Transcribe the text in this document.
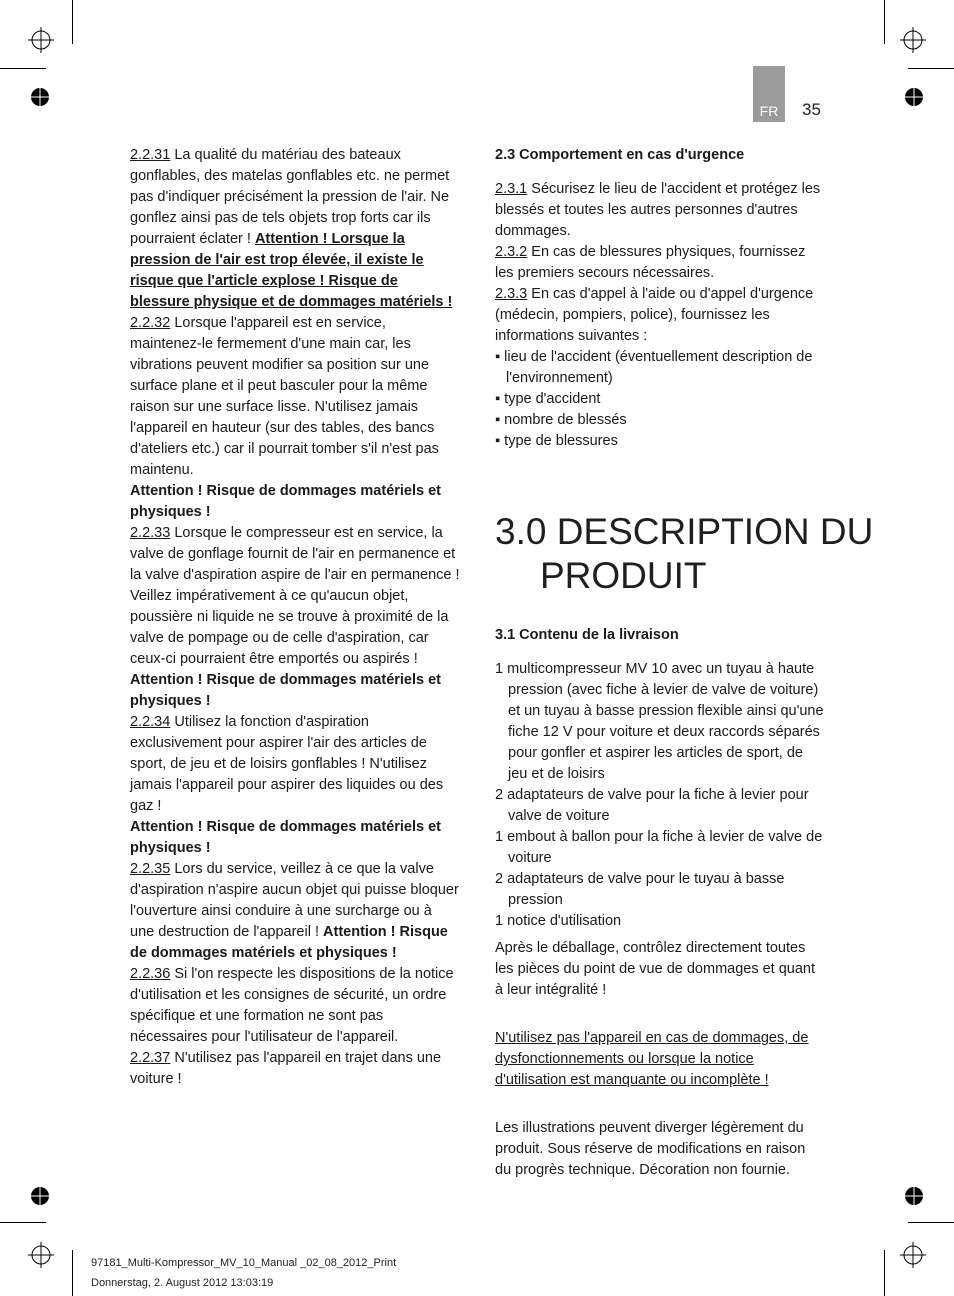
FR	35

2.2.31 La qualité du matériau des bateaux gonflables, des matelas gonflables etc. ne permet pas d'indiquer précisément la pression de l'air. Ne gonflez ainsi pas de tels objets trop forts car ils pourraient éclater ! Attention ! Lorsque la pression de l'air est trop élevée, il existe le risque que l'article explose ! Risque de blessure physique et de dommages matériels !

2.2.32 Lorsque l'appareil est en service, maintenez-le fermement d'une main car, les vibrations peuvent modifier sa position sur une surface plane et il peut basculer pour la même raison sur une surface lisse. N'utilisez jamais l'appareil en hauteur (sur des tables, des bancs d'ateliers etc.) car il pourrait tomber s'il n'est pas maintenu.

Attention ! Risque de dommages matériels et physiques !

2.2.33 Lorsque le compresseur est en service, la valve de gonflage fournit de l'air en permanence et la valve d'aspiration aspire de l'air en permanence ! Veillez impérativement à ce qu'aucun objet, poussière ni liquide ne se trouve à proximité de la valve de pompage ou de celle d'aspiration, car ceux-ci pourraient être emportés ou aspirés !

Attention ! Risque de dommages matériels et physiques !

2.2.34 Utilisez la fonction d'aspiration exclusivement pour aspirer l'air des articles de sport, de jeu et de loisirs gonflables ! N'utilisez jamais l'appareil pour aspirer des liquides ou des gaz !

Attention ! Risque de dommages matériels et physiques !

2.2.35 Lors du service, veillez à ce que la valve d'aspiration n'aspire aucun objet qui puisse bloquer l'ouverture ainsi conduire à une surcharge ou à une destruction de l'appareil ! Attention ! Risque de dommages matériels et physiques !

2.2.36 Si l'on respecte les dispositions de la notice d'utilisation et les consignes de sécurité, un ordre spécifique et une formation ne sont pas nécessaires pour l'utilisateur de l'appareil.

2.2.37 N'utilisez pas l'appareil en trajet dans une voiture !

2.3 Comportement en cas d'urgence

2.3.1 Sécurisez le lieu de l'accident et protégez les blessés et toutes les autres personnes d'autres dommages.

2.3.2 En cas de blessures physiques, fournissez les premiers secours nécessaires.

2.3.3 En cas d'appel à l'aide ou d'appel d'urgence (médecin, pompiers, police), fournissez les informations suivantes :

▪ lieu de l'accident (éventuellement description de l'environnement)

▪ type d'accident

▪ nombre de blessés

▪ type de blessures

3.0 DESCRIPTION DU
PRODUIT

3.1 Contenu de la livraison

1 multicompresseur MV 10 avec un tuyau à haute pression (avec fiche à levier de valve de voiture) et un tuyau à basse pression flexible ainsi qu'une fiche 12 V pour voiture et deux raccords séparés pour gonfler et aspirer les articles de sport, de jeu et de loisirs

2 adaptateurs de valve pour la fiche à levier pour valve de voiture

1 embout à ballon pour la fiche à levier de valve de voiture

2 adaptateurs de valve pour le tuyau à basse pression

1 notice d'utilisation

Après le déballage, contrôlez directement toutes les pièces du point de vue de dommages et quant à leur intégralité !

N'utilisez pas l'appareil en cas de dommages, de dysfonctionnements ou lorsque la notice d'utilisation est manquante ou incomplète !

Les illustrations peuvent diverger légèrement du produit. Sous réserve de modifications en raison du progrès technique. Décoration non fournie.

97181_Multi-Kompressor_MV_10_Manual _02_08_2012_Print
Donnerstag, 2. August 2012 13:03:19
